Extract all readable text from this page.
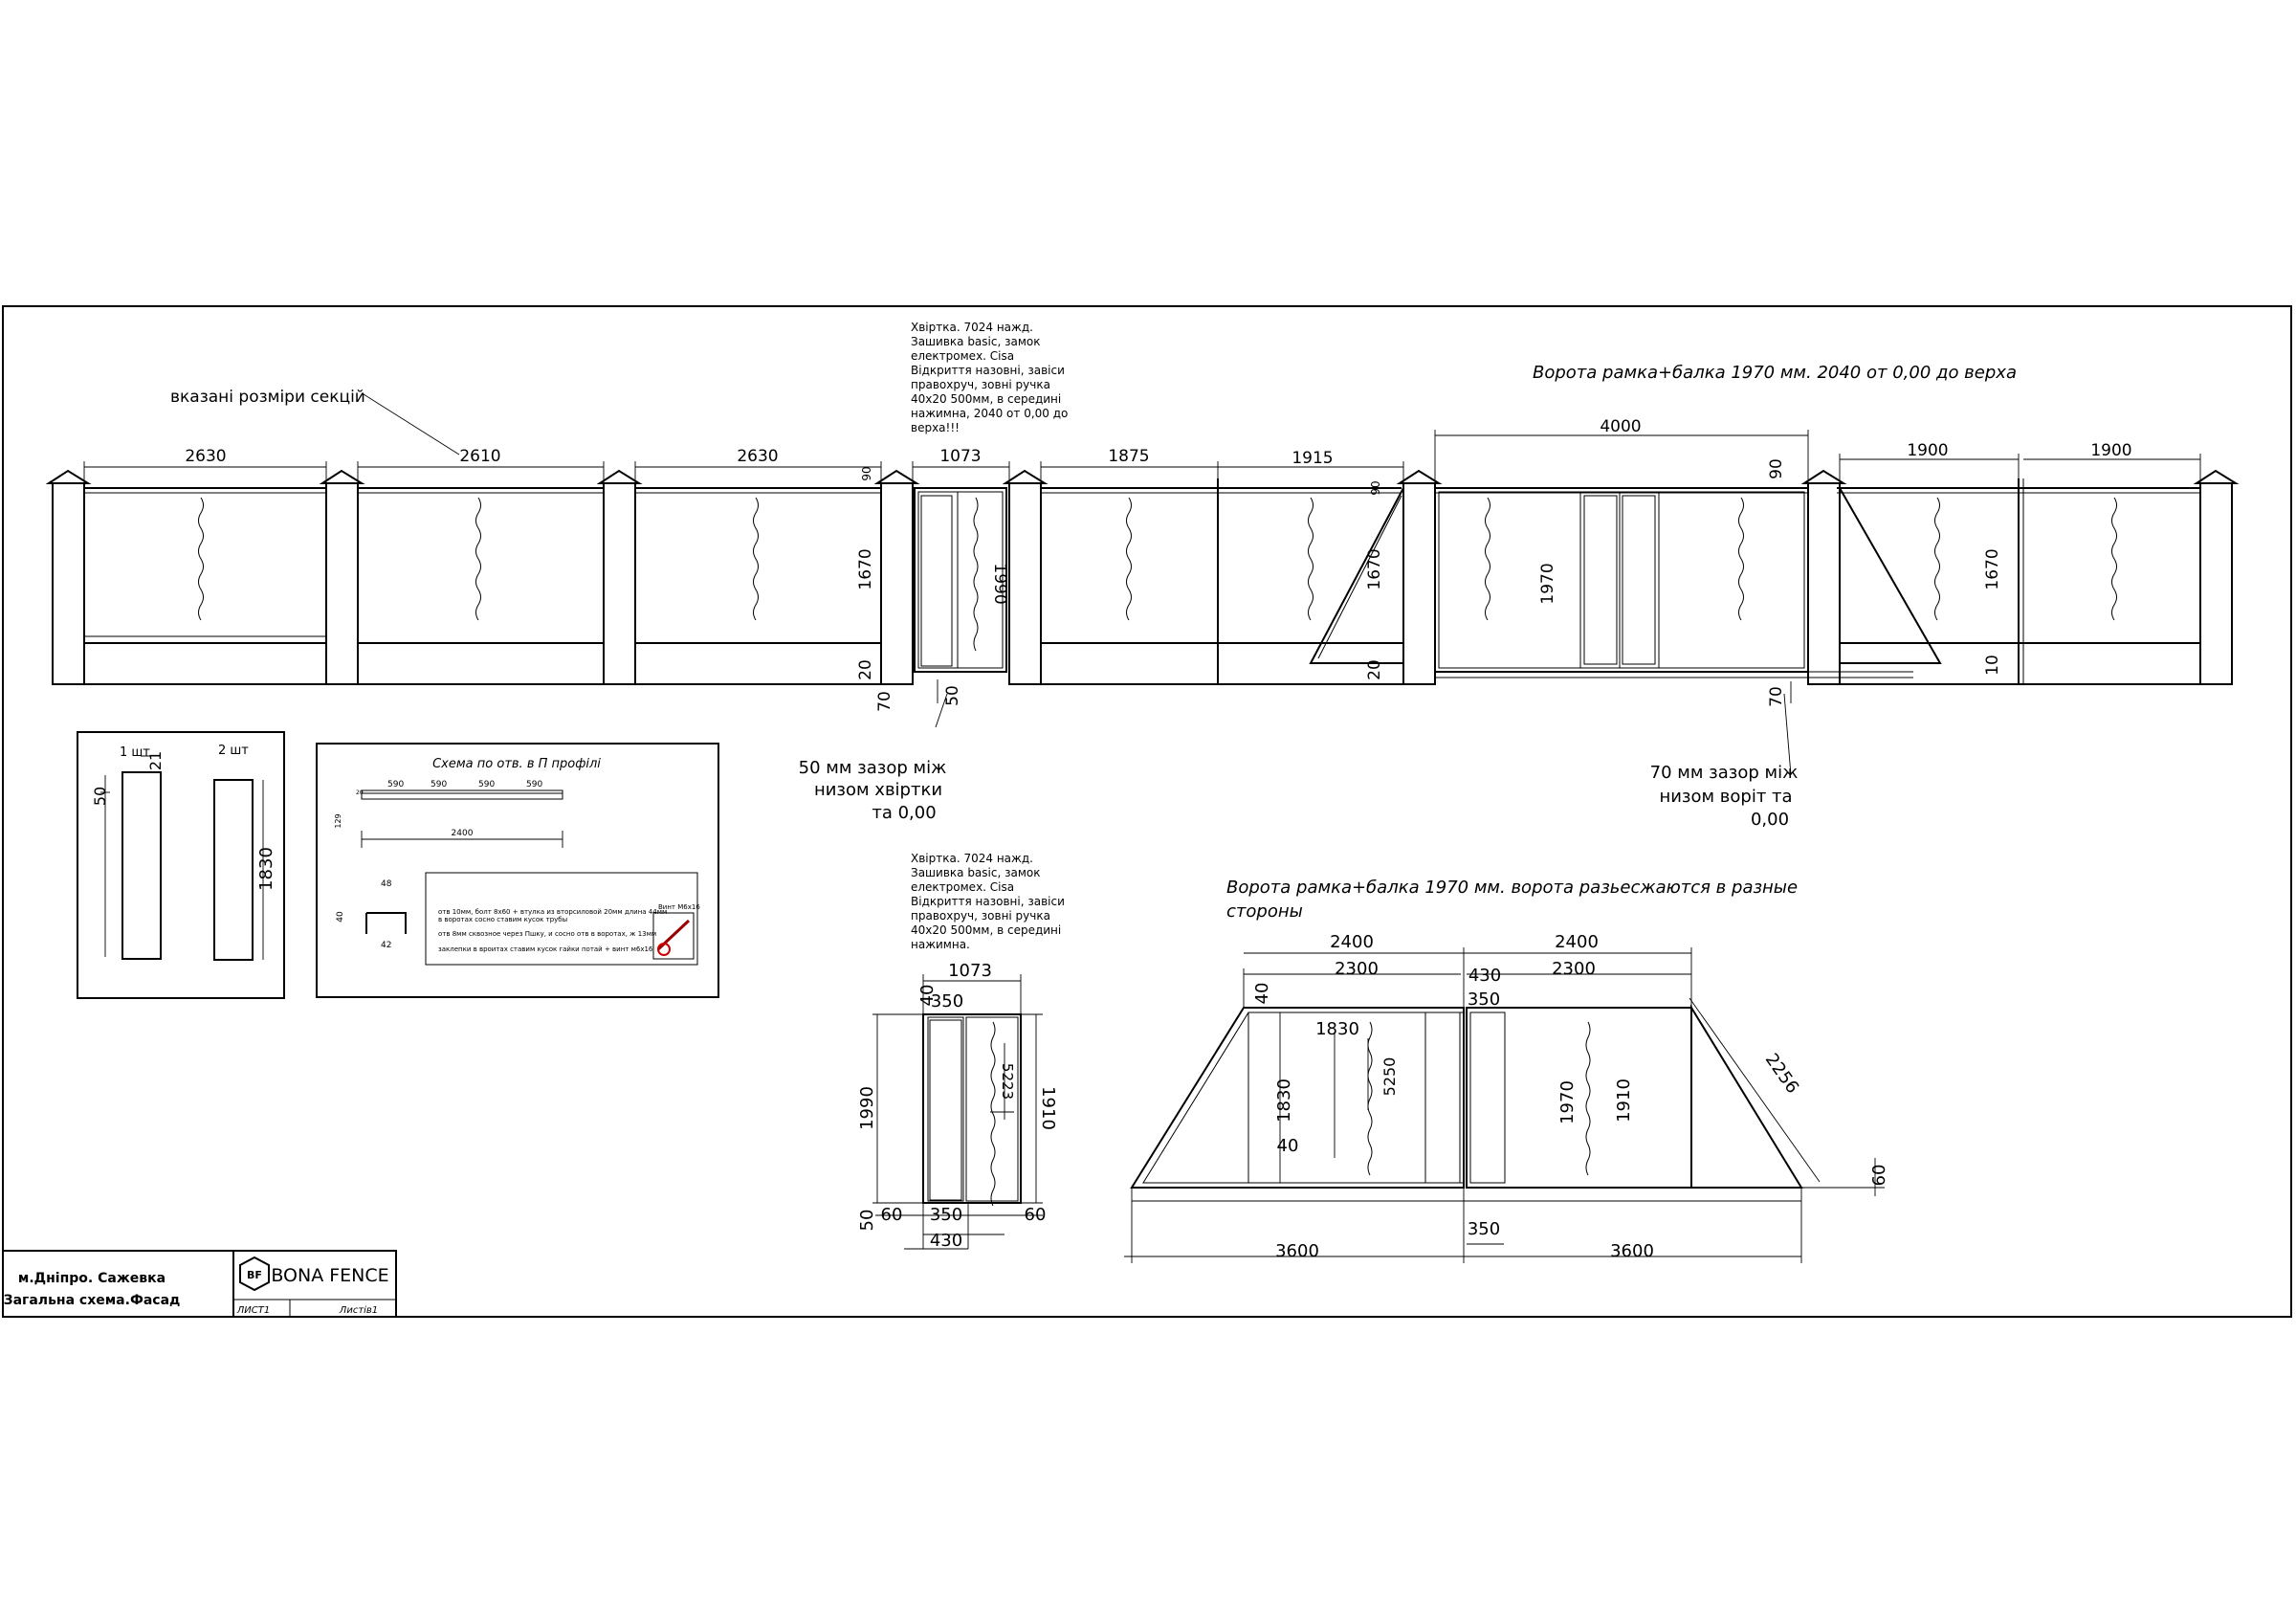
вказані розміри секцій
Ворота рамка+балка 1970 мм. 2040 от 0,00 до верха
2630	2610	2630	1073	1875	1915
4000
1900	1900
1670	1990	1670	1970	1670
90
90
90
20	20	10
70	70
50
Хвіртка. 7024 нажд.
Зашивка basic, замок
електромех. Cisa
Відкриття назовні, завіси
правоxруч, зовні ручка
40x20 500мм, в середині
нажимна, 2040 от 0,00 до
верха!!!
50 мм зазор між
низом хвіртки
та 0,00
70 мм зазор між
низом воріт та
0,00
1 шт	2 шт
21
50
1830
Схема по отв. в П профілі
590	590	590	590
2400
129
20
48
40
42
отв 10мм, болт 8x60 + втулка из вторсиловой 20мм длина 44мм
в воротах сосно ставим кусок трубы
отв 8мм сквозное через Пшку, и сосно отв в воротах, ж 13мм
заклепки в вроитах ставим кусок гайки потай + винт м6х16
Винт М6х16
Хвіртка. 7024 нажд.
Зашивка basic, замок
електромех. Cisa
Відкриття назовні, завіси
правоxруч, зовні ручка
40x20 500мм, в середині
нажимна.
1073
40
350
1990	1910
5223
50 60 350	60
430
Ворота рамка+балка 1970 мм. ворота разьесжаются в разные
стороны
2400	2400
2300	430	2300
350
40
1830
1830
40
5250
1970 1910
2256
60
350
3600	3600
м.Дніпро. Сажевка
Загальна схема.Фасад
BF BONA FENCE
ЛИСТ1	Листів1
